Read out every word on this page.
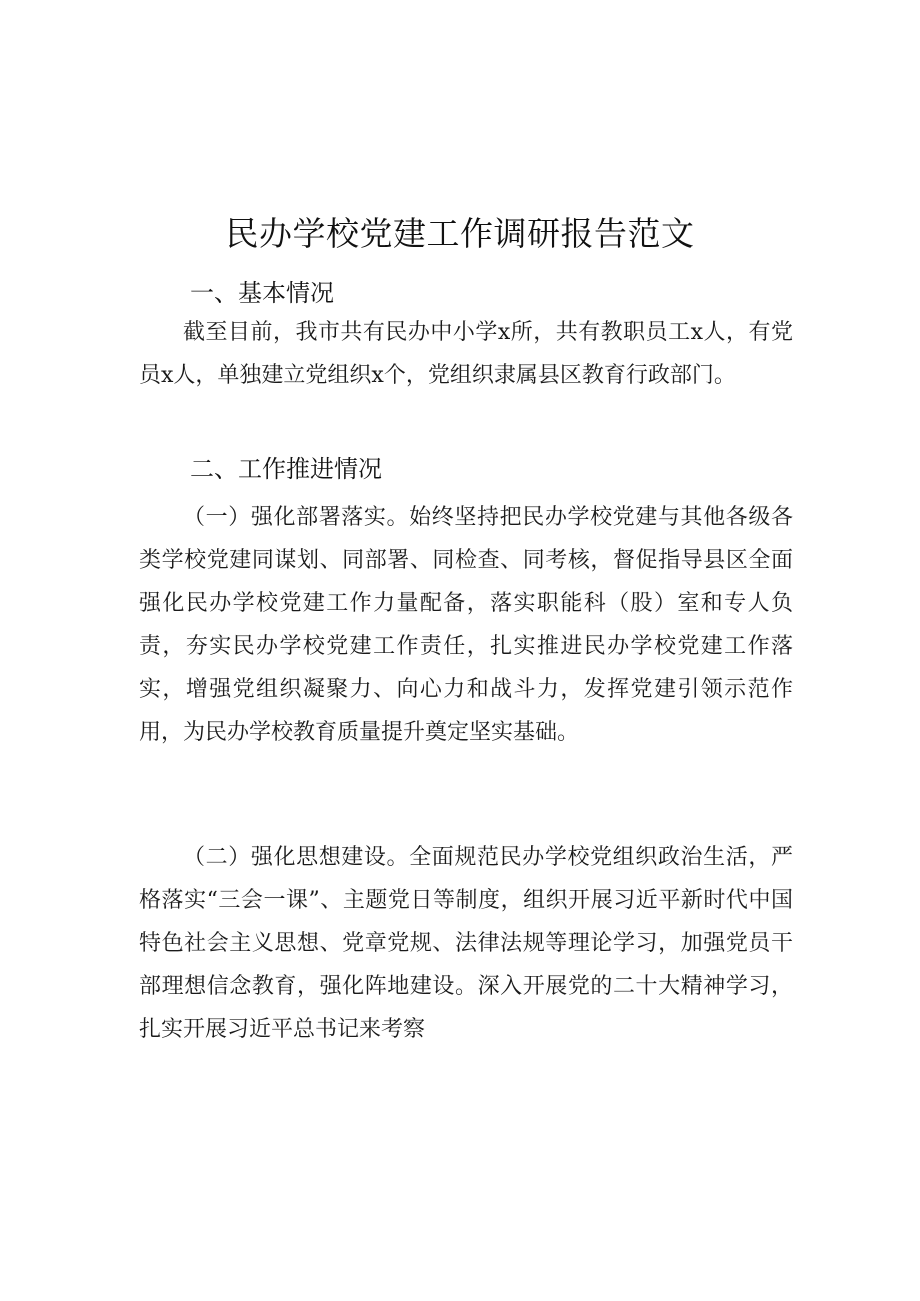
民办学校党建工作调研报告范文
一、基本情况

截至目前，我市共有民办中小学x所，共有教职员工x人，有党员x人，单独建立党组织x个，党组织隶属县区教育行政部门。

二、工作推进情况

（一）强化部署落实。始终坚持把民办学校党建与其他各级各类学校党建同谋划、同部署、同检查、同考核，督促指导县区全面强化民办学校党建工作力量配备，落实职能科（股）室和专人负责，夯实民办学校党建工作责任，扎实推进民办学校党建工作落实，增强党组织凝聚力、向心力和战斗力，发挥党建引领示范作用，为民办学校教育质量提升奠定坚实基础。

（二）强化思想建设。全面规范民办学校党组织政治生活，严格落实“三会一课”、主题党日等制度，组织开展习近平新时代中国特色社会主义思想、党章党规、法律法规等理论学习，加强党员干部理想信念教育，强化阵地建设。深入开展党的二十大精神学习，扎实开展习近平总书记来考察
